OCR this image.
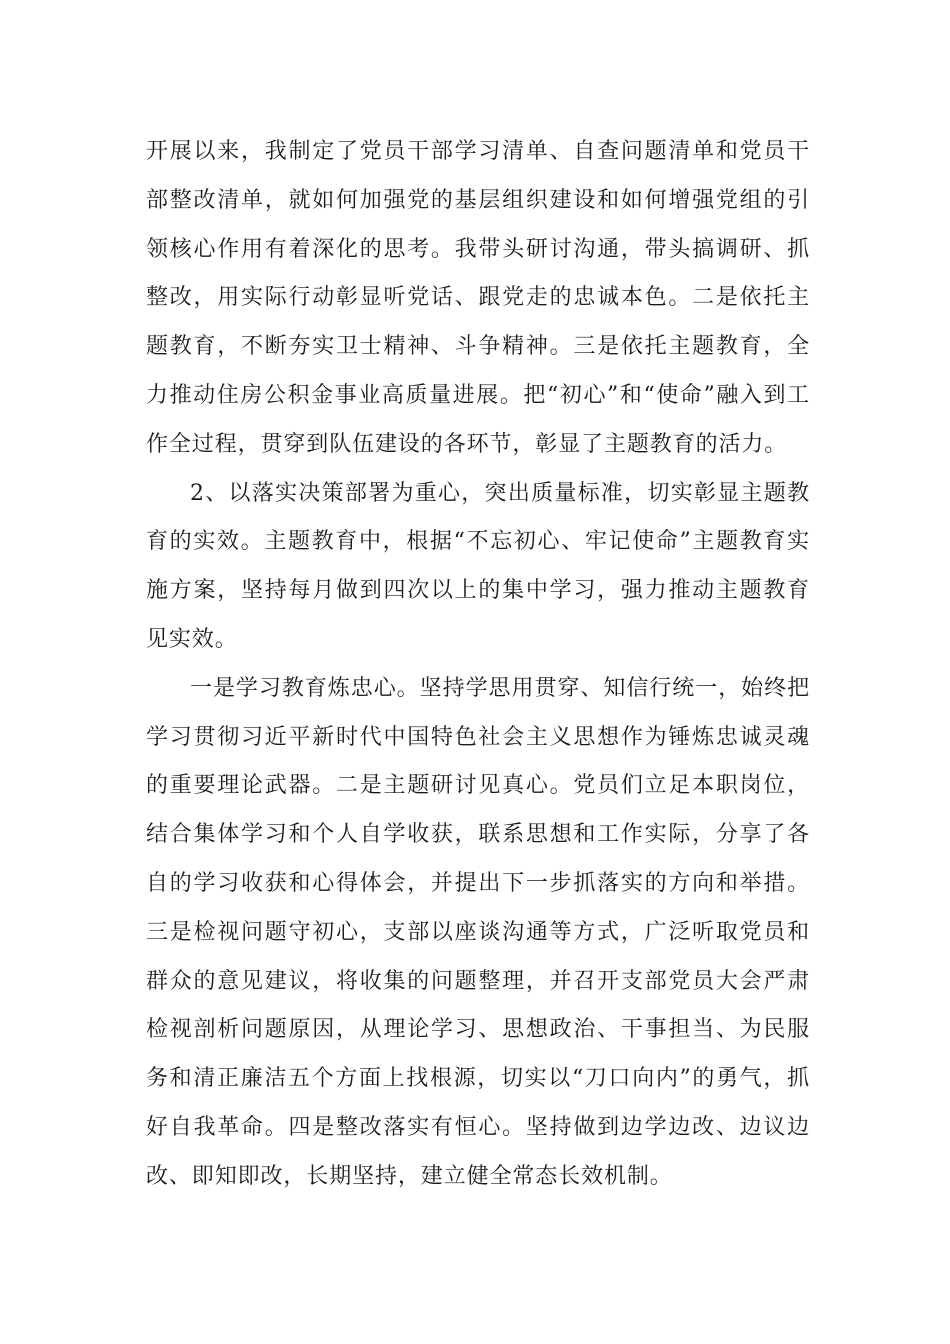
开展以来，我制定了党员干部学习清单、自查问题清单和党员干部整改清单，就如何加强党的基层组织建设和如何增强党组的引领核心作用有着深化的思考。我带头研讨沟通，带头搞调研、抓整改，用实际行动彰显听党话、跟党走的忠诚本色。二是依托主题教育，不断夯实卫士精神、斗争精神。三是依托主题教育，全力推动住房公积金事业高质量进展。把“初心”和“使命”融入到工作全过程，贯穿到队伍建设的各环节，彰显了主题教育的活力。

2、以落实决策部署为重心，突出质量标准，切实彰显主题教育的实效。主题教育中，根据“不忘初心、牢记使命”主题教育实施方案，坚持每月做到四次以上的集中学习，强力推动主题教育见实效。

一是学习教育炼忠心。坚持学思用贯穿、知信行统一，始终把学习贯彻习近平新时代中国特色社会主义思想作为锤炼忠诚灵魂的重要理论武器。二是主题研讨见真心。党员们立足本职岗位，结合集体学习和个人自学收获，联系思想和工作实际，分享了各自的学习收获和心得体会，并提出下一步抓落实的方向和举措。三是检视问题守初心，支部以座谈沟通等方式，广泛听取党员和群众的意见建议，将收集的问题整理，并召开支部党员大会严肃检视剖析问题原因，从理论学习、思想政治、干事担当、为民服务和清正廉洁五个方面上找根源，切实以“刀口向内”的勇气，抓好自我革命。四是整改落实有恒心。坚持做到边学边改、边议边改、即知即改，长期坚持，建立健全常态长效机制。
